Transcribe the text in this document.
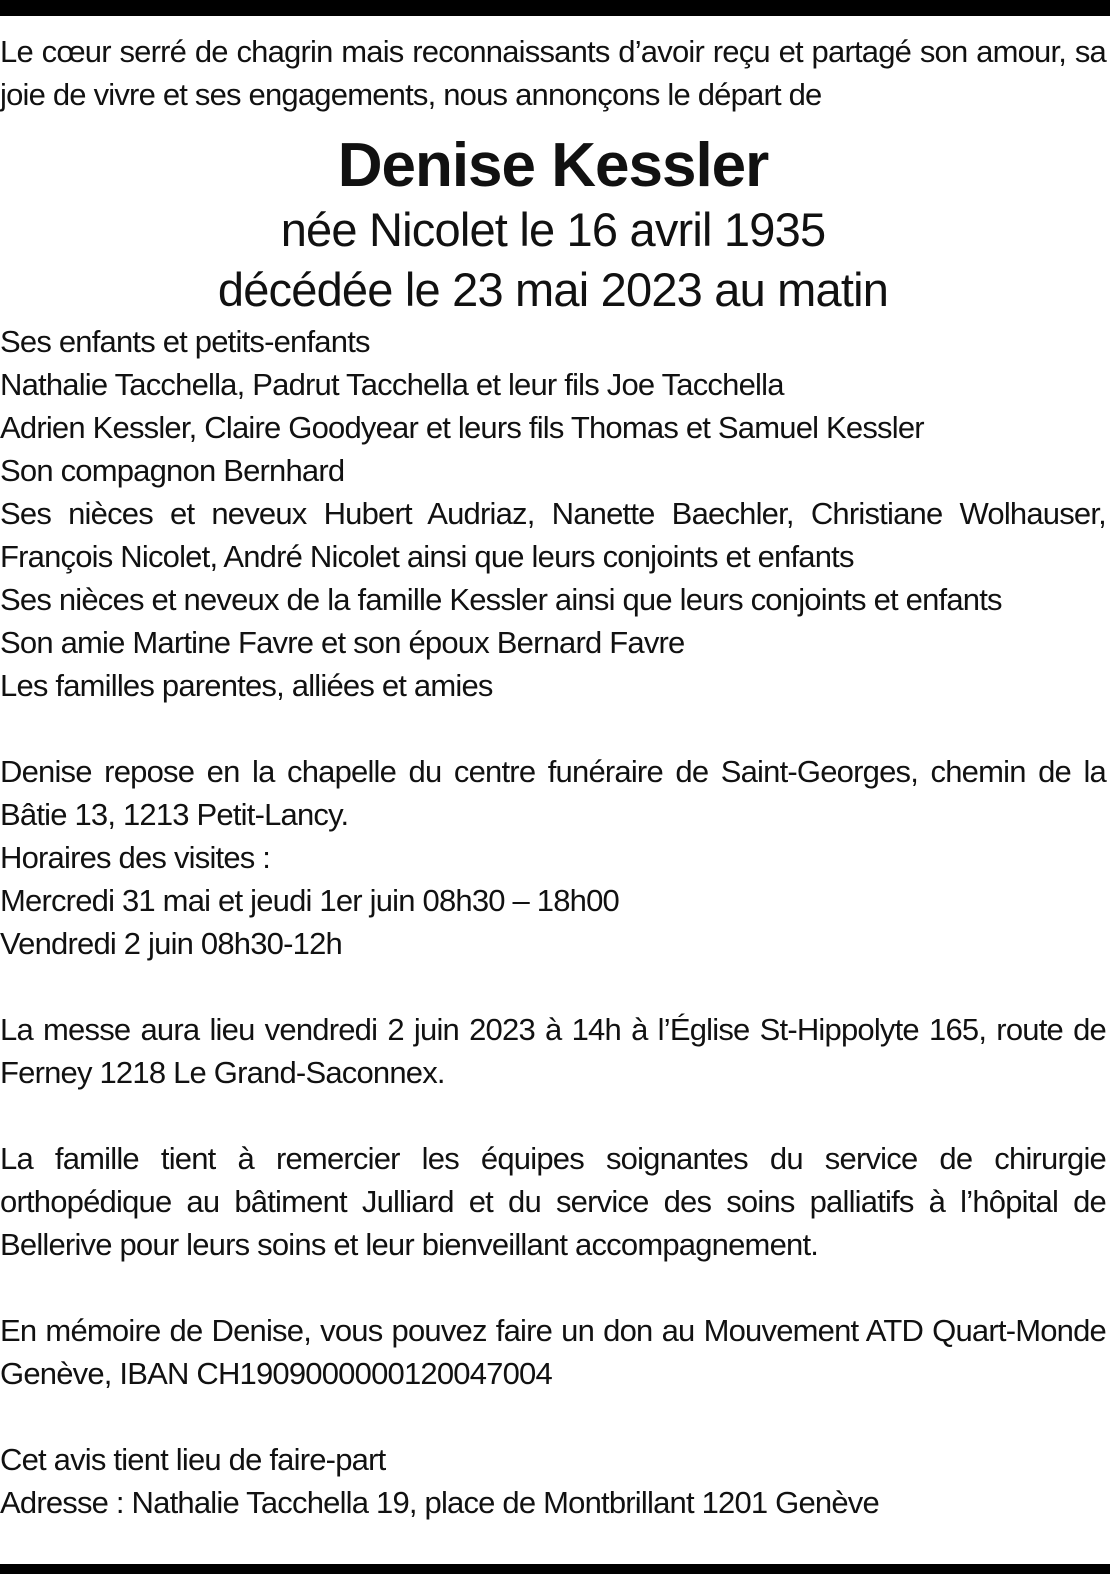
Le cœur serré de chagrin mais reconnaissants d’avoir reçu et partagé son amour, sa joie de vivre et ses engagements, nous annonçons le départ de
Denise Kessler
née Nicolet le 16 avril 1935
décédée le 23 mai 2023 au matin
Ses enfants et petits-enfants
Nathalie Tacchella, Padrut Tacchella et leur fils Joe Tacchella
Adrien Kessler, Claire Goodyear et leurs fils Thomas et Samuel Kessler
Son compagnon Bernhard
Ses nièces et neveux Hubert Audriaz, Nanette Baechler, Christiane Wolhauser, François Nicolet, André Nicolet ainsi que leurs conjoints et enfants
Ses nièces et neveux de la famille Kessler ainsi que leurs conjoints et enfants
Son amie Martine Favre et son époux Bernard Favre
Les familles parentes, alliées et amies
Denise repose en la chapelle du centre funéraire de Saint-Georges, chemin de la Bâtie 13, 1213 Petit-Lancy.
Horaires des visites :
Mercredi 31 mai et jeudi 1er juin 08h30 – 18h00
Vendredi 2 juin 08h30-12h
La messe aura lieu vendredi 2 juin 2023 à 14h à l’Église St-Hippolyte 165, route de Ferney 1218 Le Grand-Saconnex.
La famille tient à remercier les équipes soignantes du service de chirurgie orthopédique au bâtiment Julliard et du service des soins palliatifs à l’hôpital de Bellerive pour leurs soins et leur bienveillant accompagnement.
En mémoire de Denise, vous pouvez faire un don au Mouvement ATD Quart-Monde Genève, IBAN CH1909000000120047004
Cet avis tient lieu de faire-part
Adresse : Nathalie Tacchella 19, place de Montbrillant 1201 Genève
